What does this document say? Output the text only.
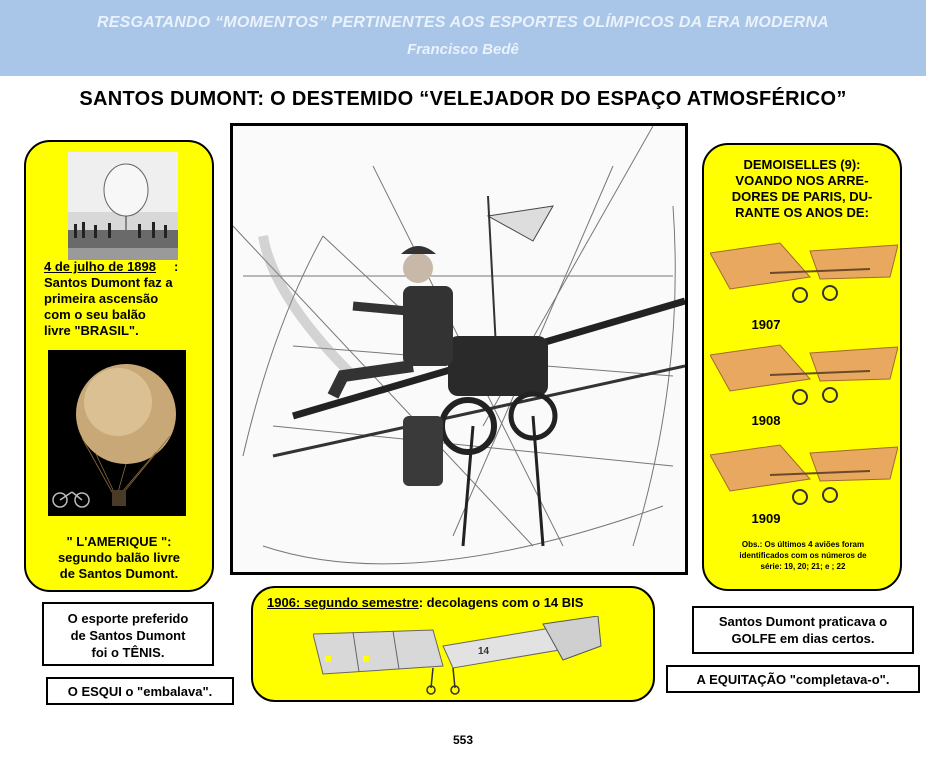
RESGATANDO “MOMENTOS” PERTINENTES AOS ESPORTES OLÍMPICOS DA ERA MODERNA
Francisco Bedê
SANTOS DUMONT: O DESTEMIDO “VELEJADOR DO ESPAÇO ATMOSFÉRICO”
4 de julho de 1898	:
Santos Dumont faz a
primeira ascensão
com o seu balão
livre "BRASIL".
" L'AMERIQUE ":
segundo balão livre
de Santos Dumont.
DEMOISELLES (9):
VOANDO NOS ARRE-
DORES DE PARIS, DU-
RANTE OS ANOS DE:
1907
1908
1909
Obs.: Os últimos 4 aviões foram
identificados com os números de
série: 19, 20; 21; e ; 22
1906: segundo semestre: decolagens com o 14 BIS
14
O esporte preferido
de Santos Dumont
foi o TÊNIS.
O ESQUI o "embalava".
Santos Dumont praticava o
GOLFE em dias certos.
A EQUITAÇÃO "completava-o".
553
